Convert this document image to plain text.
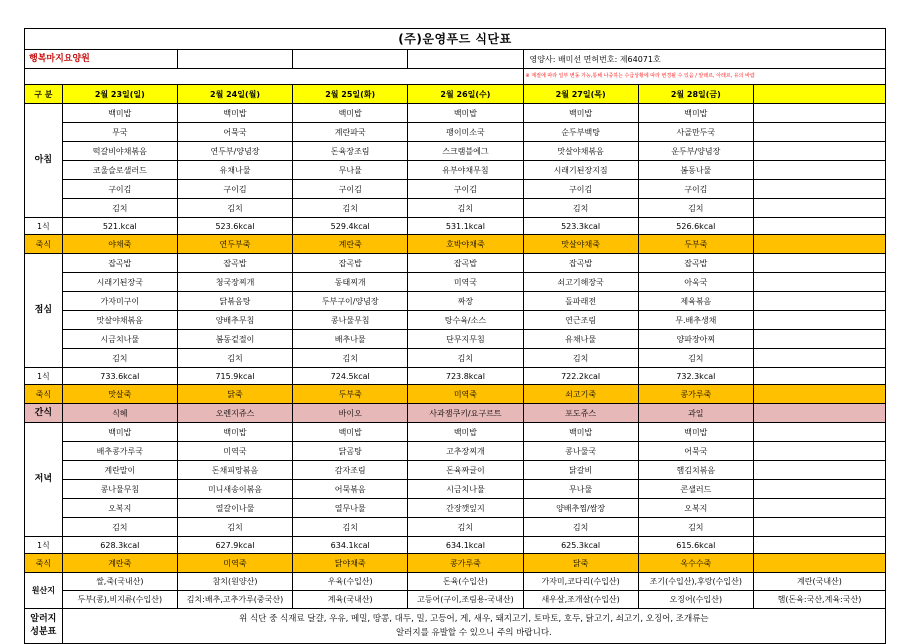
(주)운영푸드 식단표							
행복마지요양원					영양사: 배미선 면허번호: 제64071호		
					※ 계절에 따라 일부 변동 가능,통해 나중하는 수급상황에 따라 변경될 수 있음 / 알레르, 아레르, 유의 바람		
구 분	2월 23일(일)	2월 24일(월)	2월 25일(화)	2월 26일(수)	2월 27일(목)	2월 28일(금)	
아침	백미밥	백미밥	백미밥	백미밥	백미밥	백미밥	
	무국	어묵국	계란파국	팽이미소국	순두부백탕	사골만두국	
	떡갈비야채볶음	연두부/양념장	돈육장조림	스크램블에그	맛살야채볶음	운두부/양념장	
	코울슬로샐러드	유채나물	무나물	유부야채무침	시래기된장지짐	봄동나물	
	구이김	구이김	구이김	구이김	구이김	구이김	
	김치	김치	김치	김치	김치	김치	
1식	521.kcal	523.6kcal	529.4kcal	531.1kcal	523.3kcal	526.6kcal	
죽식	야채죽	연두부죽	계란죽	호박야채죽	맛살야채죽	두부죽	
점심	잡곡밥	잡곡밥	잡곡밥	잡곡밥	잡곡밥	잡곡밥	
	시래기된장국	청국장찌개	동태찌개	미역국	쇠고기해장국	아욱국	
	가자미구이	닭볶음탕	두부구이/양념장	짜장	돌파래전	제육볶음	
	맛살야채볶음	양배추무침	콩나물무침	탕수육/소스	연근조림	무.배추생채	
	시금치나물	봄동겉절이	배추나물	단무지무침	유채나물	양파장아찌	
	김치	김치	김치	김치	김치	김치	
1식	733.6kcal	715.9kcal	724.5kcal	723.8kcal	722.2kcal	732.3kcal	
죽식	맛살죽	닭죽	두부죽	미역죽	쇠고기죽	콩가루죽	
간식	식혜	오렌지쥬스	바이오	사과잼쿠키/요구르트	포도쥬스	과일	
저녁	백미밥	백미밥	백미밥	백미밥	백미밥	백미밥	
	배추콩가루국	미역국	닭곰탕	고추장찌개	콩나물국	어묵국	
	계란말이	돈채피망볶음	감자조림	돈육짜글이	닭갈비	햄김치볶음	
	콩나물무침	미니새송이볶음	어묵볶음	시금치나물	무나물	콘샐러드	
	오복지	열갈이나물	열무나물	간장깻잎지	양배추찜/쌈장	오복지	
	김치	김치	김치	김치	김치	김치	
1식	628.3kcal	627.9kcal	634.1kcal	634.1kcal	625.3kcal	615.6kcal	
죽식	계란죽	미역죽	닭야채죽	콩가루죽	닭죽	옥수수죽	
원산지	쌀,죽(국내산)	참치(원양산)	우육(수입산)	돈육(수입산)	가자미,코다리(수입산)	조기(수입산),후랑(수입산)	계란(국내산)
	두부(콩),비지류(수입산)	김치:배추,고추가루(중국산)	계육(국내산)	고등어(구이,조림용-국내산)	새우살,조개살(수입산)	오징어(수입산)	햄(돈육:국산,계육:국산)
알러지
성분표	위 식단 중 식재료 달걀, 우유, 메밀, 땅콩, 대두, 밀, 고등어, 게, 새우, 돼지고기, 토마토, 호두, 닭고기, 쇠고기, 오징어, 조개류는
알러지를 유발할 수 있으니 주의 바랍니다.						
